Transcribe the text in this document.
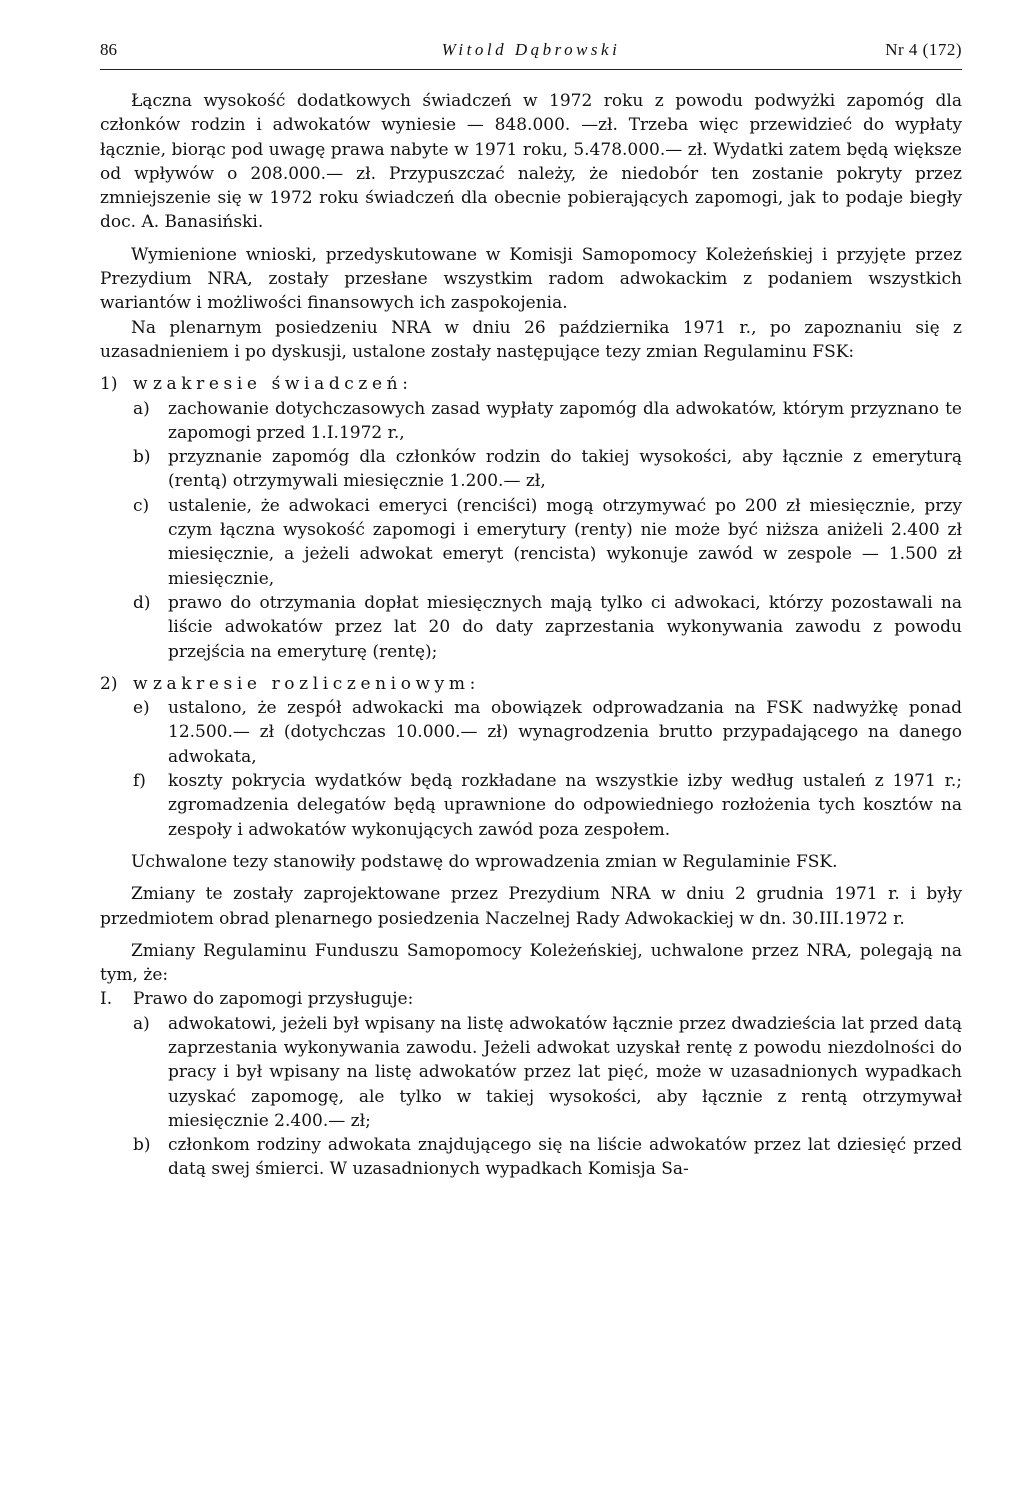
86	Witold Dąbrowski	Nr 4 (172)

Łączna wysokość dodatkowych świadczeń w 1972 roku z powodu podwyżki zapomóg dla członków rodzin i adwokatów wyniesie — 848.000. —zł. Trzeba więc przewidzieć do wypłaty łącznie, biorąc pod uwagę prawa nabyte w 1971 roku, 5.478.000.— zł. Wydatki zatem będą większe od wpływów o 208.000.— zł. Przypuszczać należy, że niedobór ten zostanie pokryty przez zmniejszenie się w 1972 roku świadczeń dla obecnie pobierających zapomogi, jak to podaje biegły doc. A. Banasiński.

Wymienione wnioski, przedyskutowane w Komisji Samopomocy Koleżeńskiej i przyjęte przez Prezydium NRA, zostały przesłane wszystkim radom adwokackim z podaniem wszystkich wariantów i możliwości finansowych ich zaspokojenia.

Na plenarnym posiedzeniu NRA w dniu 26 października 1971 r., po zapoznaniu się z uzasadnieniem i po dyskusji, ustalone zostały następujące tezy zmian Regulaminu FSK:

1) w zakresie świadczeń:
a) zachowanie dotychczasowych zasad wypłaty zapomóg dla adwokatów, którym przyznano te zapomogi przed 1.I.1972 r.,
b) przyznanie zapomóg dla członków rodzin do takiej wysokości, aby łącznie z emeryturą (rentą) otrzymywali miesięcznie 1.200.— zł,
c) ustalenie, że adwokaci emeryci (renciści) mogą otrzymywać po 200 zł miesięcznie, przy czym łączna wysokość zapomogi i emerytury (renty) nie może być niższa aniżeli 2.400 zł miesięcznie, a jeżeli adwokat emeryt (rencista) wykonuje zawód w zespole — 1.500 zł miesięcznie,
d) prawo do otrzymania dopłat miesięcznych mają tylko ci adwokaci, którzy pozostawali na liście adwokatów przez lat 20 do daty zaprzestania wykonywania zawodu z powodu przejścia na emeryturę (rentę);
2) w zakresie rozliczeniowym:
e) ustalono, że zespół adwokacki ma obowiązek odprowadzania na FSK nadwyżkę ponad 12.500.— zł (dotychczas 10.000.— zł) wynagrodzenia brutto przypadającego na danego adwokata,
f) koszty pokrycia wydatków będą rozkładane na wszystkie izby według ustaleń z 1971 r.; zgromadzenia delegatów będą uprawnione do odpowiedniego rozłożenia tych kosztów na zespoły i adwokatów wykonujących zawód poza zespołem.

Uchwalone tezy stanowiły podstawę do wprowadzenia zmian w Regulaminie FSK.

Zmiany te zostały zaprojektowane przez Prezydium NRA w dniu 2 grudnia 1971 r. i były przedmiotem obrad plenarnego posiedzenia Naczelnej Rady Adwokackiej w dn. 30.III.1972 r.

Zmiany Regulaminu Funduszu Samopomocy Koleżeńskiej, uchwalone przez NRA, polegają na tym, że:

I. Prawo do zapomogi przysługuje:
a) adwokatowi, jeżeli był wpisany na listę adwokatów łącznie przez dwadzieścia lat przed datą zaprzestania wykonywania zawodu. Jeżeli adwokat uzyskał rentę z powodu niezdolności do pracy i był wpisany na listę adwokatów przez lat pięć, może w uzasadnionych wypadkach uzyskać zapomogę, ale tylko w takiej wysokości, aby łącznie z rentą otrzymywał miesięcznie 2.400.— zł;
b) członkom rodziny adwokata znajdującego się na liście adwokatów przez lat dziesięć przed datą swej śmierci. W uzasadnionych wypadkach Komisja Sa-
